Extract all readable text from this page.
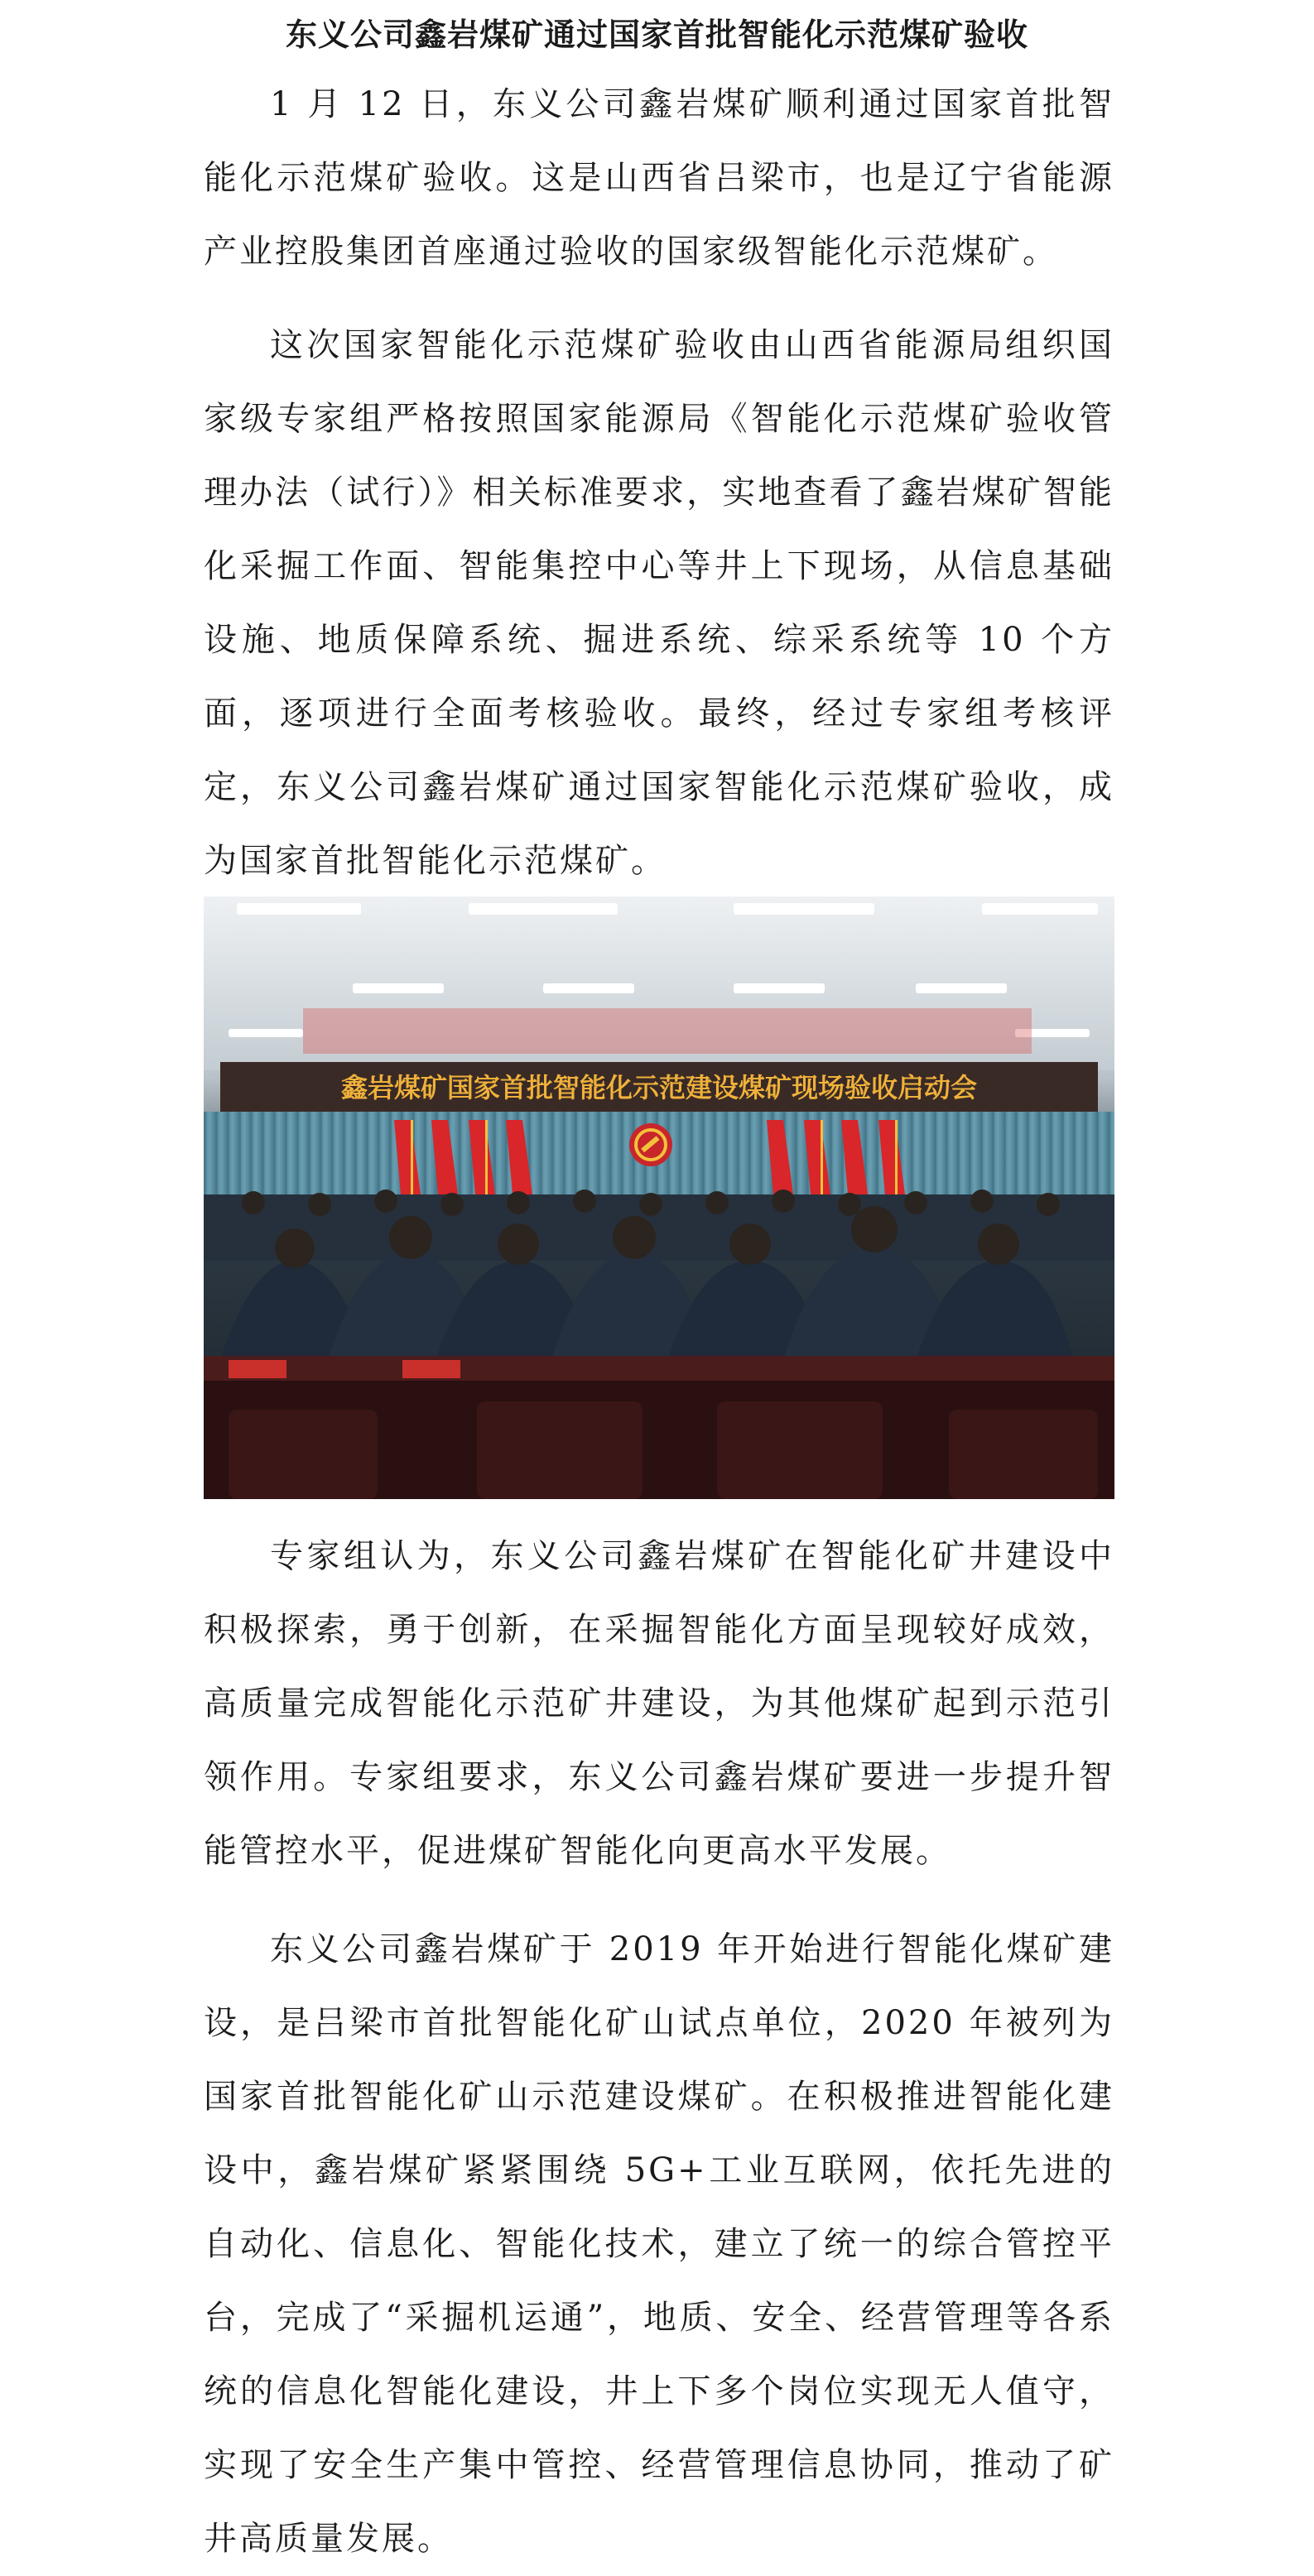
东义公司鑫岩煤矿通过国家首批智能化示范煤矿验收

1 月 12 日，东义公司鑫岩煤矿顺利通过国家首批智能化示范煤矿验收。这是山西省吕梁市，也是辽宁省能源产业控股集团首座通过验收的国家级智能化示范煤矿。

这次国家智能化示范煤矿验收由山西省能源局组织国家级专家组严格按照国家能源局《智能化示范煤矿验收管理办法（试行）》相关标准要求，实地查看了鑫岩煤矿智能化采掘工作面、智能集控中心等井上下现场，从信息基础设施、地质保障系统、掘进系统、综采系统等 10 个方面，逐项进行全面考核验收。最终，经过专家组考核评定，东义公司鑫岩煤矿通过国家智能化示范煤矿验收，成为国家首批智能化示范煤矿。

鑫岩煤矿国家首批智能化示范建设煤矿现场验收启动会

专家组认为，东义公司鑫岩煤矿在智能化矿井建设中积极探索，勇于创新，在采掘智能化方面呈现较好成效，高质量完成智能化示范矿井建设，为其他煤矿起到示范引领作用。专家组要求，东义公司鑫岩煤矿要进一步提升智能管控水平，促进煤矿智能化向更高水平发展。

东义公司鑫岩煤矿于 2019 年开始进行智能化煤矿建设，是吕梁市首批智能化矿山试点单位，2020 年被列为国家首批智能化矿山示范建设煤矿。在积极推进智能化建设中，鑫岩煤矿紧紧围绕 5G+工业互联网，依托先进的自动化、信息化、智能化技术，建立了统一的综合管控平台，完成了“采掘机运通”，地质、安全、经营管理等各系统的信息化智能化建设，井上下多个岗位实现无人值守，实现了安全生产集中管控、经营管理信息协同，推动了矿井高质量发展。
